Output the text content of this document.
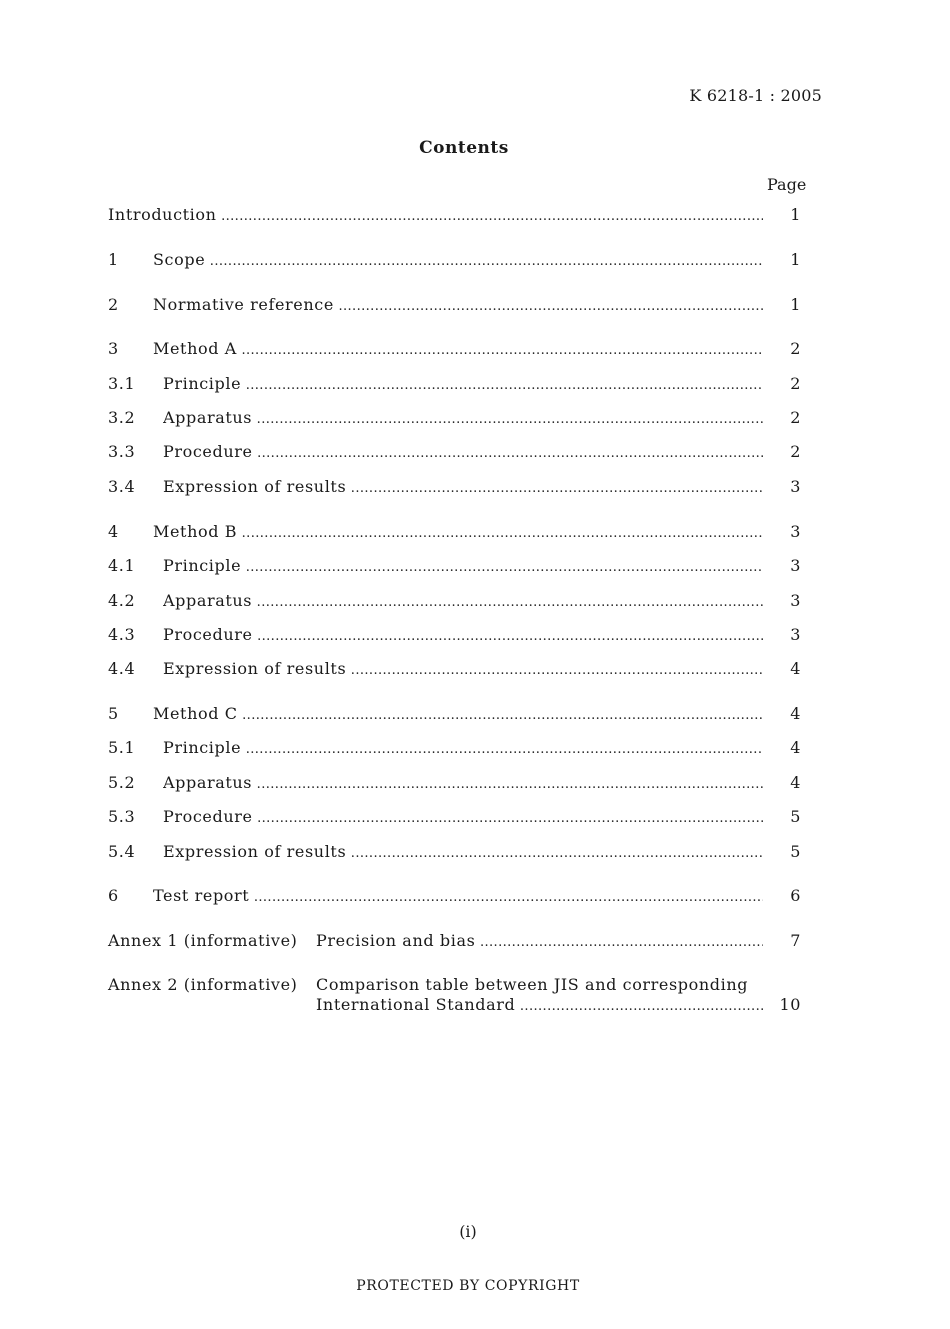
K 6218-1 : 2005
Contents
Page
Introduction .....	1
1	Scope .....	1
2	Normative reference .....	1
3	Method A .....	2
3.1	Principle .....	2
3.2	Apparatus .....	2
3.3	Procedure .....	2
3.4	Expression of results .....	3
4	Method B .....	3
4.1	Principle .....	3
4.2	Apparatus .....	3
4.3	Procedure .....	3
4.4	Expression of results .....	4
5	Method C .....	4
5.1	Principle .....	4
5.2	Apparatus .....	4
5.3	Procedure .....	5
5.4	Expression of results .....	5
6	Test report .....	6
Annex 1 (informative)	Precision and bias .....	7
Annex 2 (informative)	Comparison table between JIS and corresponding
International Standard .....	10
(i)
PROTECTED BY COPYRIGHT
